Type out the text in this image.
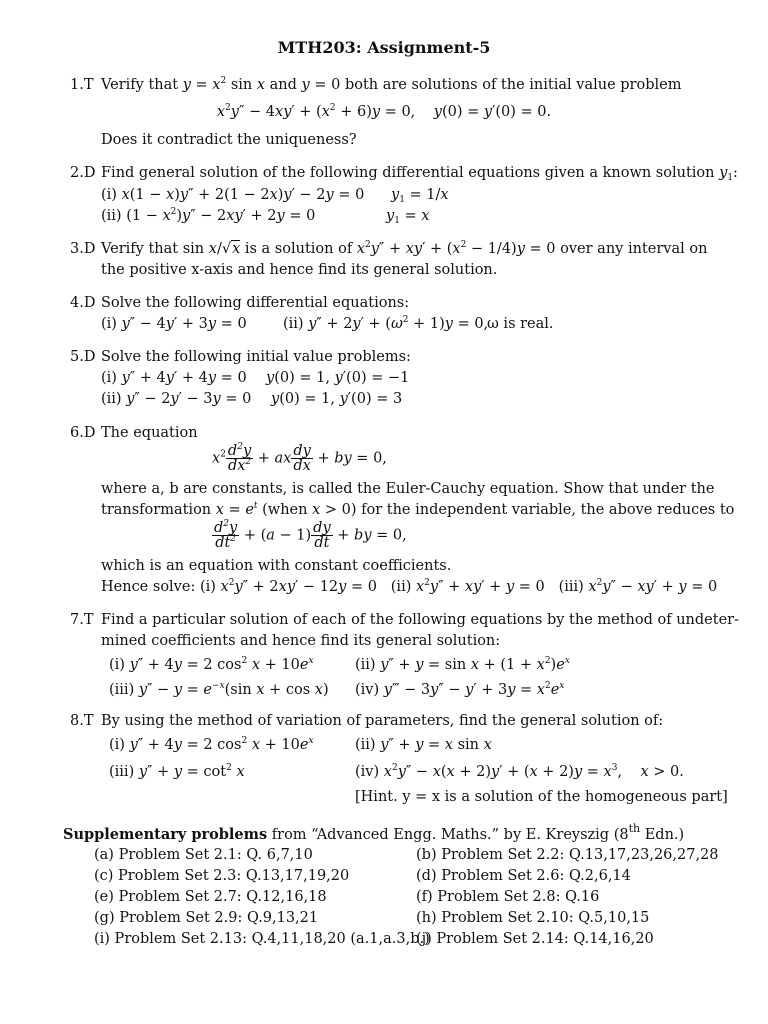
MTH203: Assignment-5
1.T Verify that $y = x^2$ sin x and y = 0 both are solutions of the initial value problem
$x^2y'' - 4xy' + (x^2 + 6)y = 0$,    y(0) = y′(0) = 0.
Does it contradict the uniqueness?
2.D Find general solution of the following differential equations given a known solution $y_1$:
(i) x(1 − x)y″ + 2(1 − 2x)y′ − 2y = 0 $y_1 = 1/x$
(ii) $(1 - x^2)y'' - 2xy' + 2y = 0$	$y_1 = x$
3.D Verify that sin x/√x is a solution of $x^2y'' + xy' + (x^2 - 1/4)y = 0$ over any interval on
the positive x-axis and hence find its general solution.
4.D Solve the following differential equations:
(i) y″ − 4y′ + 3y = 0	(ii) $y'' + 2y' + (\omega^2 + 1)y = 0$,
ω is real.
5.D Solve the following initial value problems:
(i) y″ + 4y′ + 4y = 0 y(0) = 1, y′(0) = −1
(ii) y″ − 2y′ − 3y = 0 y(0) = 1, y′(0) = 3
6.D The equation
$x^2 \frac{d^2y}{dx^2}$ + ax $\frac{dy}{dx}$ + by = 0,
where a, b are constants, is called the Euler-Cauchy equation. Show that under the
transformation $x = e^t$ (when x > 0) for the independent variable, the above reduces to
$\frac{d^2y}{dt^2} + (a - 1) \frac{dy}{dt}$ + by = 0,
which is an equation with constant coefficients.
Hence solve: (i) $x^2y'' + 2xy' - 12y = 0$   (ii) $x^2y'' + xy' + y = 0$   (iii) $x^2y'' - xy' + y = 0$
7.T Find a particular solution of each of the following equations by the method of undeter-
mined coefficients and hence find its general solution:
(i) y″ + 4y = 2 $\cos^2 x + 10e^x$	(ii) $y'' + y = \sin x + (1 + x^2)e^x$
(iii) $y'' - y = e^{-x}(\sin$ x + cos x) (iv) y‴ − $3y'' - y' + 3y = x^2e^x$
8.T By using the method of variation of parameters, find the general solution of:
(i) y″ + 4y = 2 $\cos^2 x + 10e^x$	(ii) y″ + y = x sin x
(iii) $y'' + y = \cot^2 x$	(iv) $x^2y'' - x(x + 2)y' + (x + 2)y = x^3$,    x > 0.
[Hint. y = x is a solution of the homogeneous part]
Supplementary problems from “Advanced Engg. Maths.” by E. Kreyszig (8th Edn.)
(a) Problem Set 2.1: Q. 6,7,10	(b) Problem Set 2.2: Q.13,17,23,26,27,28
(c) Problem Set 2.3: Q.13,17,19,20	(d) Problem Set 2.6: Q.2,6,14
(e) Problem Set 2.7: Q.12,16,18	(f) Problem Set 2.8: Q.16
(g) Problem Set 2.9: Q.9,13,21	(h) Problem Set 2.10: Q.5,10,15
(i) Problem Set 2.13: Q.4,11,18,20 (a.1,a.3,b.)
(j) Problem Set 2.14: Q.14,16,20
